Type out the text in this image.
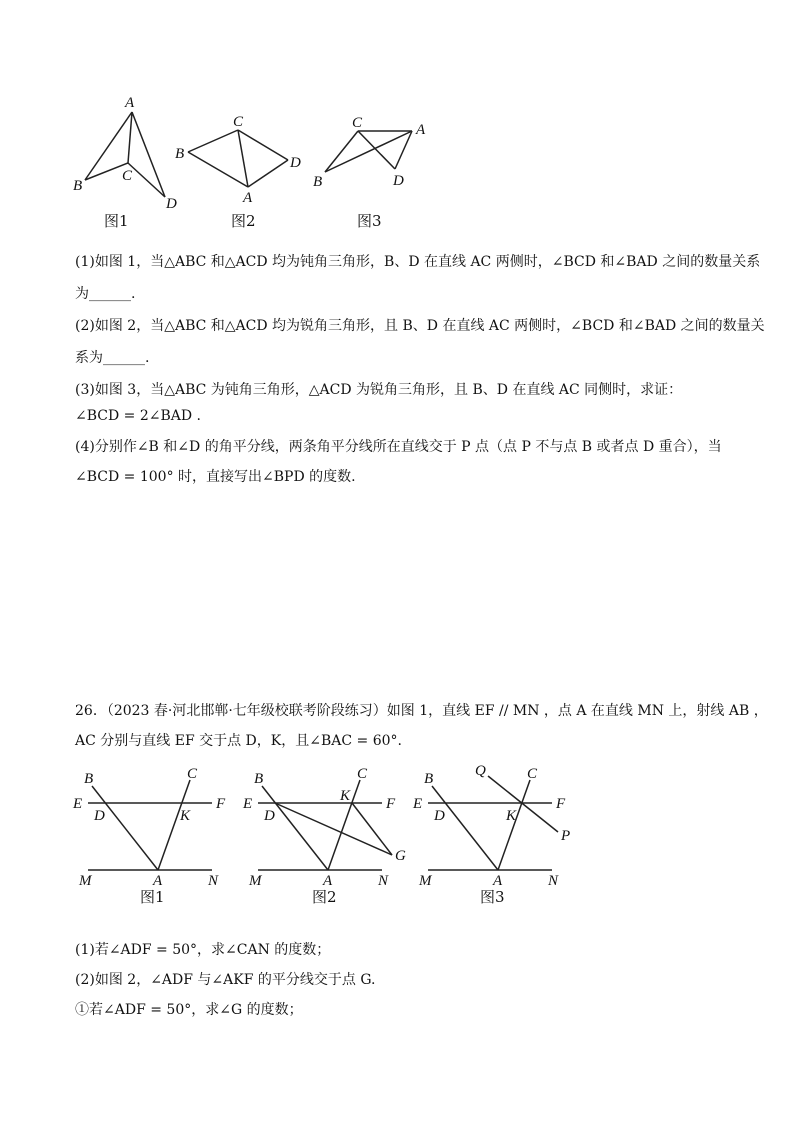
A
B
C
D
图1
C
B
D
A
图2
C	A
B	D
图3
(1)如图 1，当△ABC 和△ACD 均为钝角三角形，B、D 在直线 AC 两侧时，∠BCD 和∠BAD 之间的数量关系
为______.
(2)如图 2，当△ABC 和△ACD 均为锐角三角形，且 B、D 在直线 AC 两侧时，∠BCD 和∠BAD 之间的数量关
系为______.
(3)如图 3，当△ABC 为钝角三角形，△ACD 为锐角三角形，且 B、D 在直线 AC 同侧时，求证：
∠BCD = 2∠BAD .
(4)分别作∠B 和∠D 的角平分线，两条角平分线所在直线交于 P 点（点 P 不与点 B 或者点 D 重合），当
∠BCD = 100° 时，直接写出∠BPD 的度数.
26．（2023 春·河北邯郸·七年级校联考阶段练习）如图 1，直线 EF // MN ，点 A 在直线 MN 上，射线 AB ，
AC 分别与直线 EF 交于点 D，K，且∠BAC = 60°.
B	C
E	F
D	K
M	A	N
图1
B	C
E	F
D
K
G
M	A	N
图2
B	Q	C
E	F
D	K
P
M	A	N
图3
(1)若∠ADF = 50°，求∠CAN 的度数；
(2)如图 2，∠ADF 与∠AKF 的平分线交于点 G.
①若∠ADF = 50°，求∠G 的度数；
